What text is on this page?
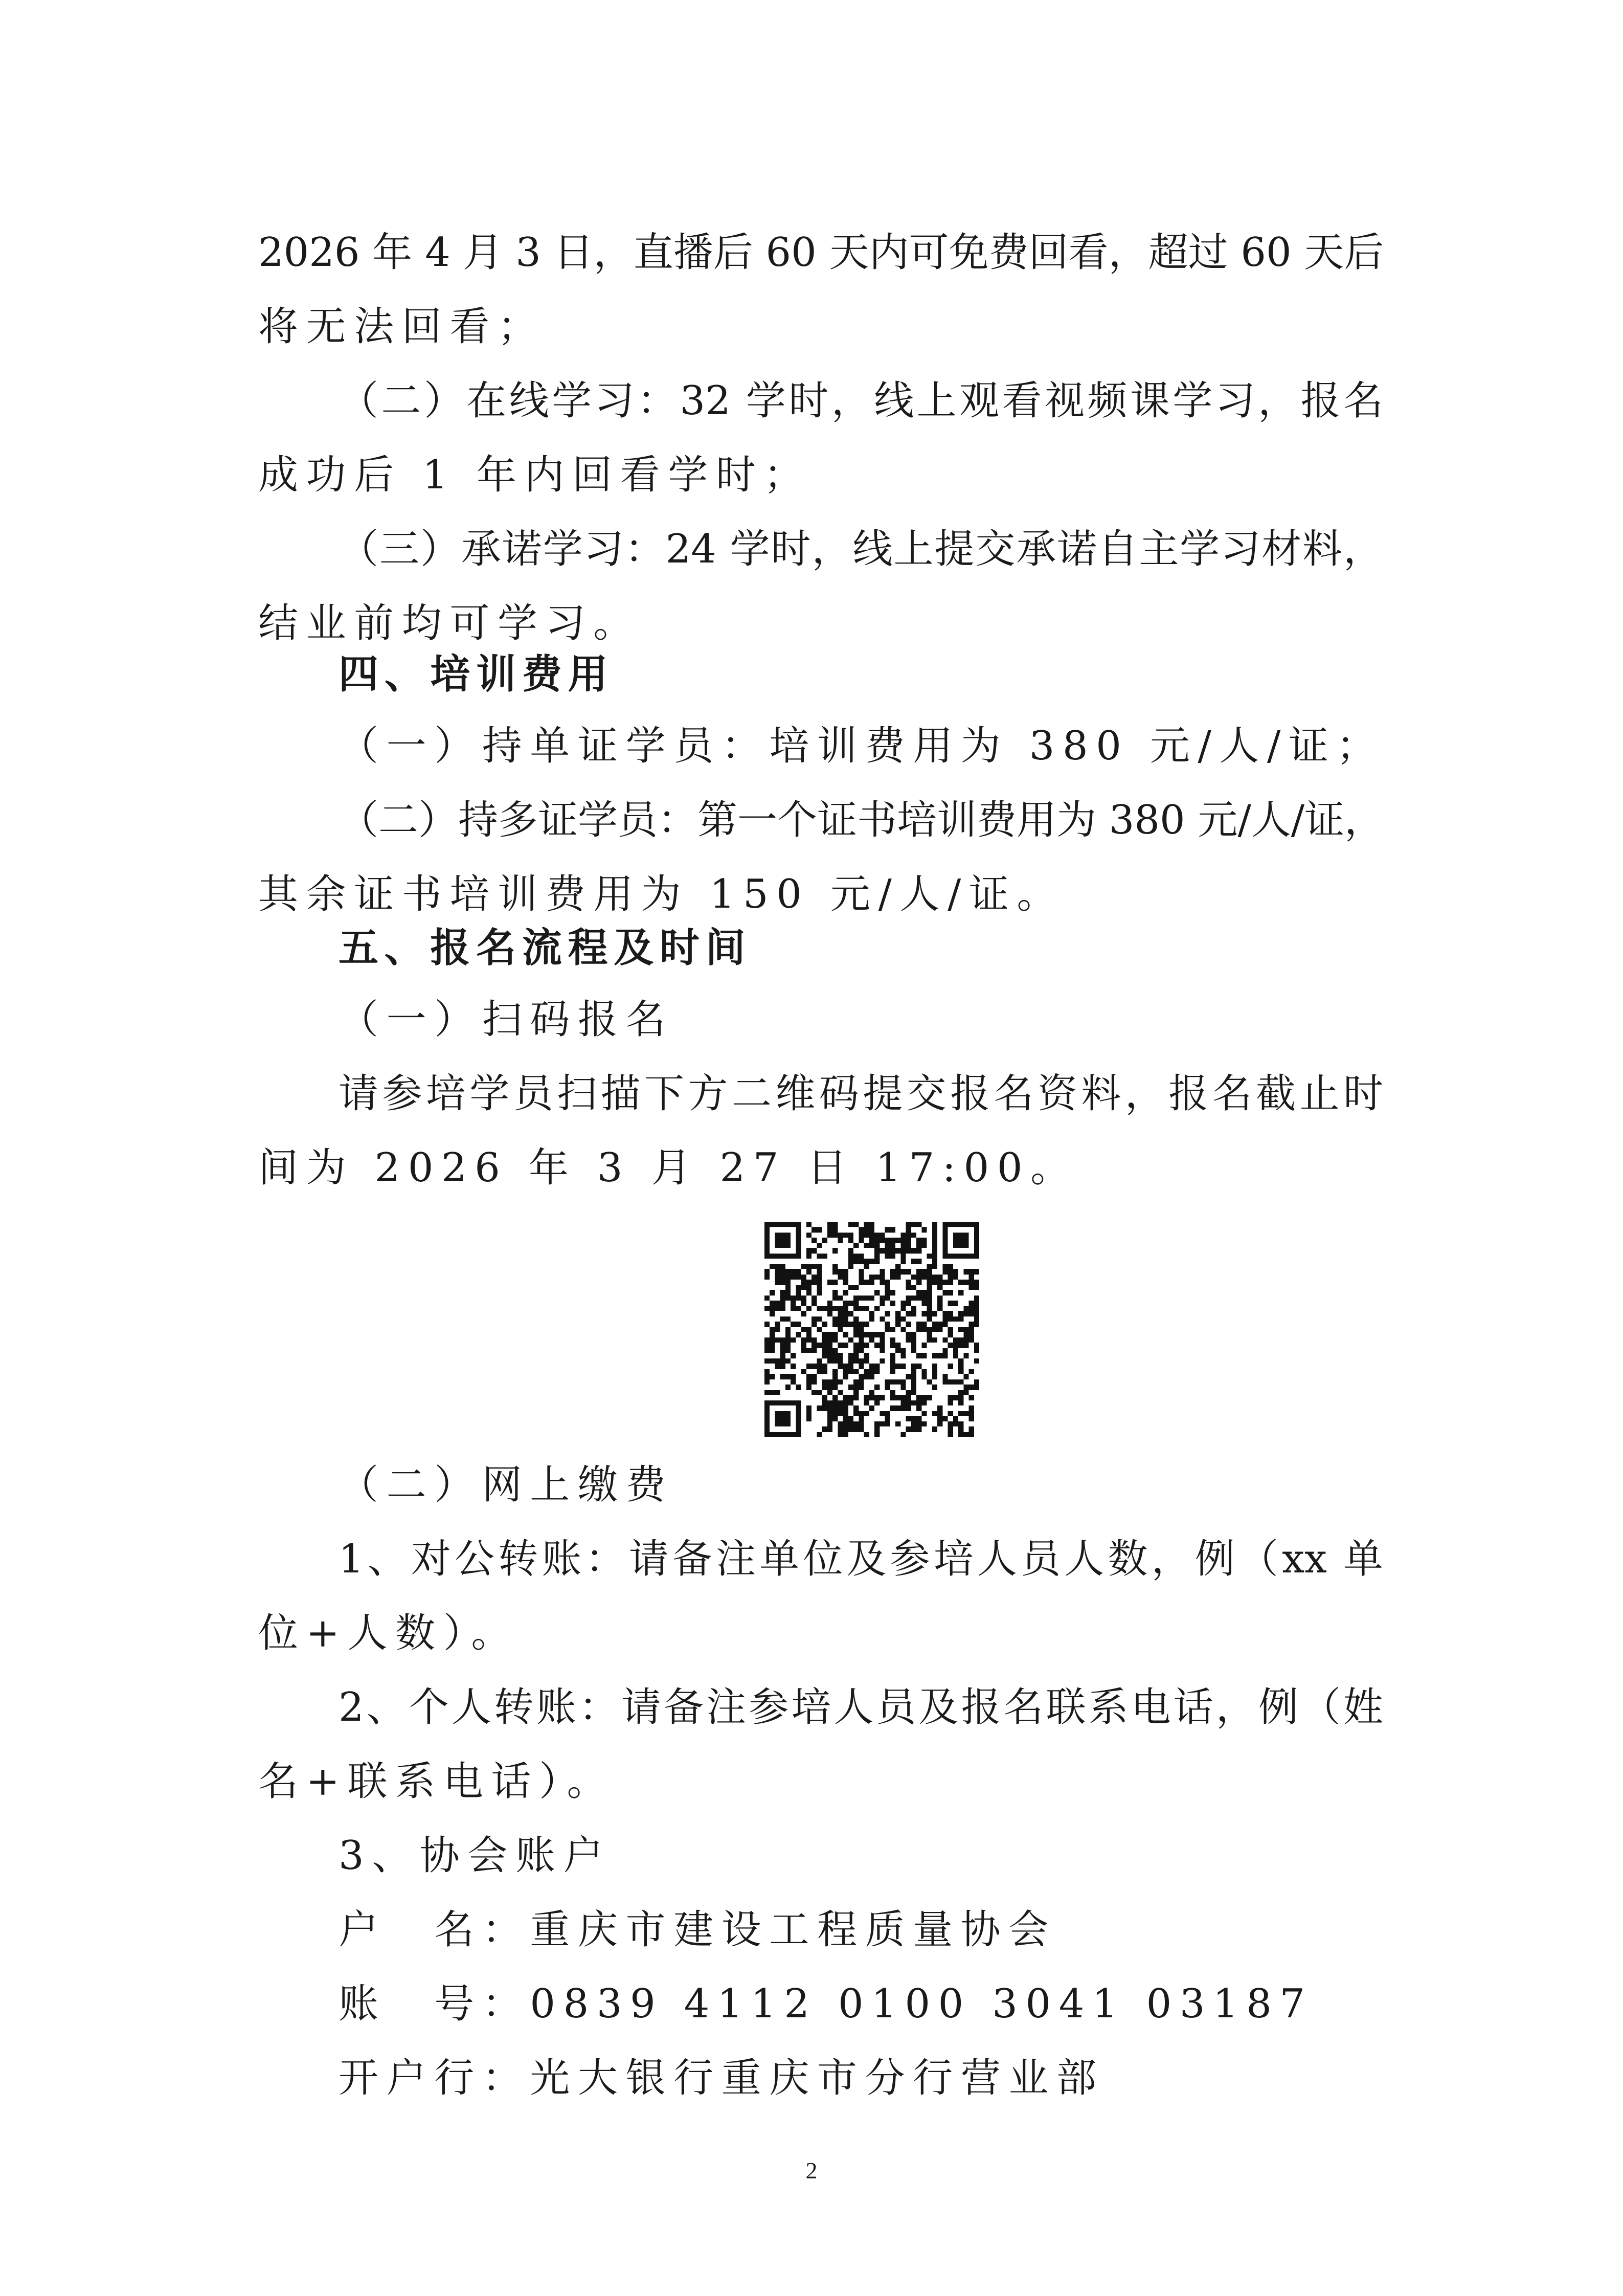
2026 年 4 月 3 日，直播后 60 天内可免费回看，超过 60 天后
将无法回看；
（二）在线学习：32 学时，线上观看视频课学习，报名
成功后 1 年内回看学时；
（三）承诺学习：24 学时，线上提交承诺自主学习材料，
结业前均可学习。
四、培训费用
（一）持单证学员：培训费用为 380 元/人/证；
（二）持多证学员：第一个证书培训费用为 380 元/人/证，
其余证书培训费用为 150 元/人/证。
五、报名流程及时间
（一）扫码报名
请参培学员扫描下方二维码提交报名资料，报名截止时
间为 2026 年 3 月 27 日 17:00。
（二）网上缴费
1、对公转账：请备注单位及参培人员人数，例（xx 单
位+人数）。
2、个人转账：请备注参培人员及报名联系电话，例（姓
名+联系电话）。
3、协会账户
户　名：重庆市建设工程质量协会
账　号：0839 4112 0100 3041 03187
开户行：光大银行重庆市分行营业部
2
